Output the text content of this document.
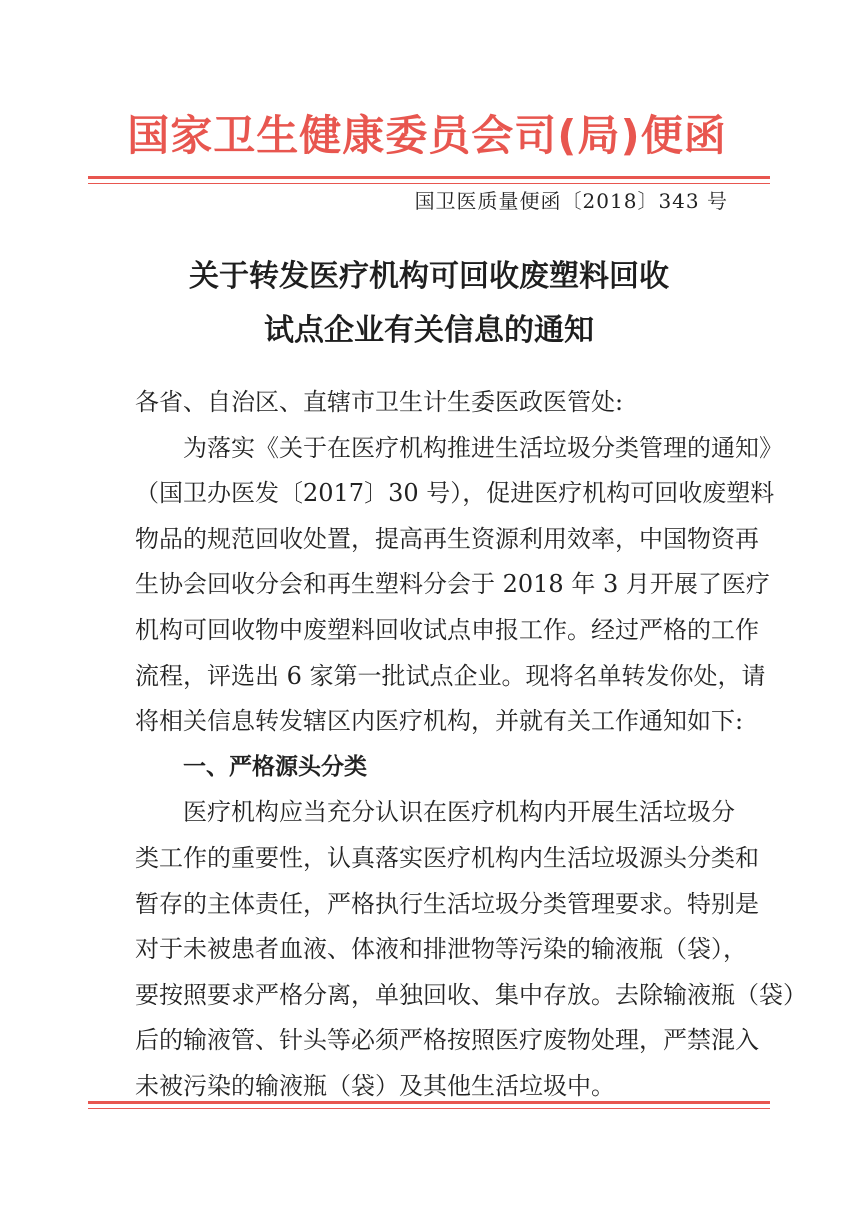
国家卫生健康委员会司(局)便函
国卫医质量便函〔2018〕343 号
关于转发医疗机构可回收废塑料回收
试点企业有关信息的通知
各省、自治区、直辖市卫生计生委医政医管处:
为落实《关于在医疗机构推进生活垃圾分类管理的通知》
（国卫办医发〔2017〕30 号），促进医疗机构可回收废塑料
物品的规范回收处置，提高再生资源利用效率，中国物资再
生协会回收分会和再生塑料分会于 2018 年 3 月开展了医疗
机构可回收物中废塑料回收试点申报工作。经过严格的工作
流程，评选出 6 家第一批试点企业。现将名单转发你处，请
将相关信息转发辖区内医疗机构，并就有关工作通知如下:
一、严格源头分类
医疗机构应当充分认识在医疗机构内开展生活垃圾分
类工作的重要性，认真落实医疗机构内生活垃圾源头分类和
暂存的主体责任，严格执行生活垃圾分类管理要求。特别是
对于未被患者血液、体液和排泄物等污染的输液瓶（袋），
要按照要求严格分离，单独回收、集中存放。去除输液瓶（袋）
后的输液管、针头等必须严格按照医疗废物处理，严禁混入
未被污染的输液瓶（袋）及其他生活垃圾中。
